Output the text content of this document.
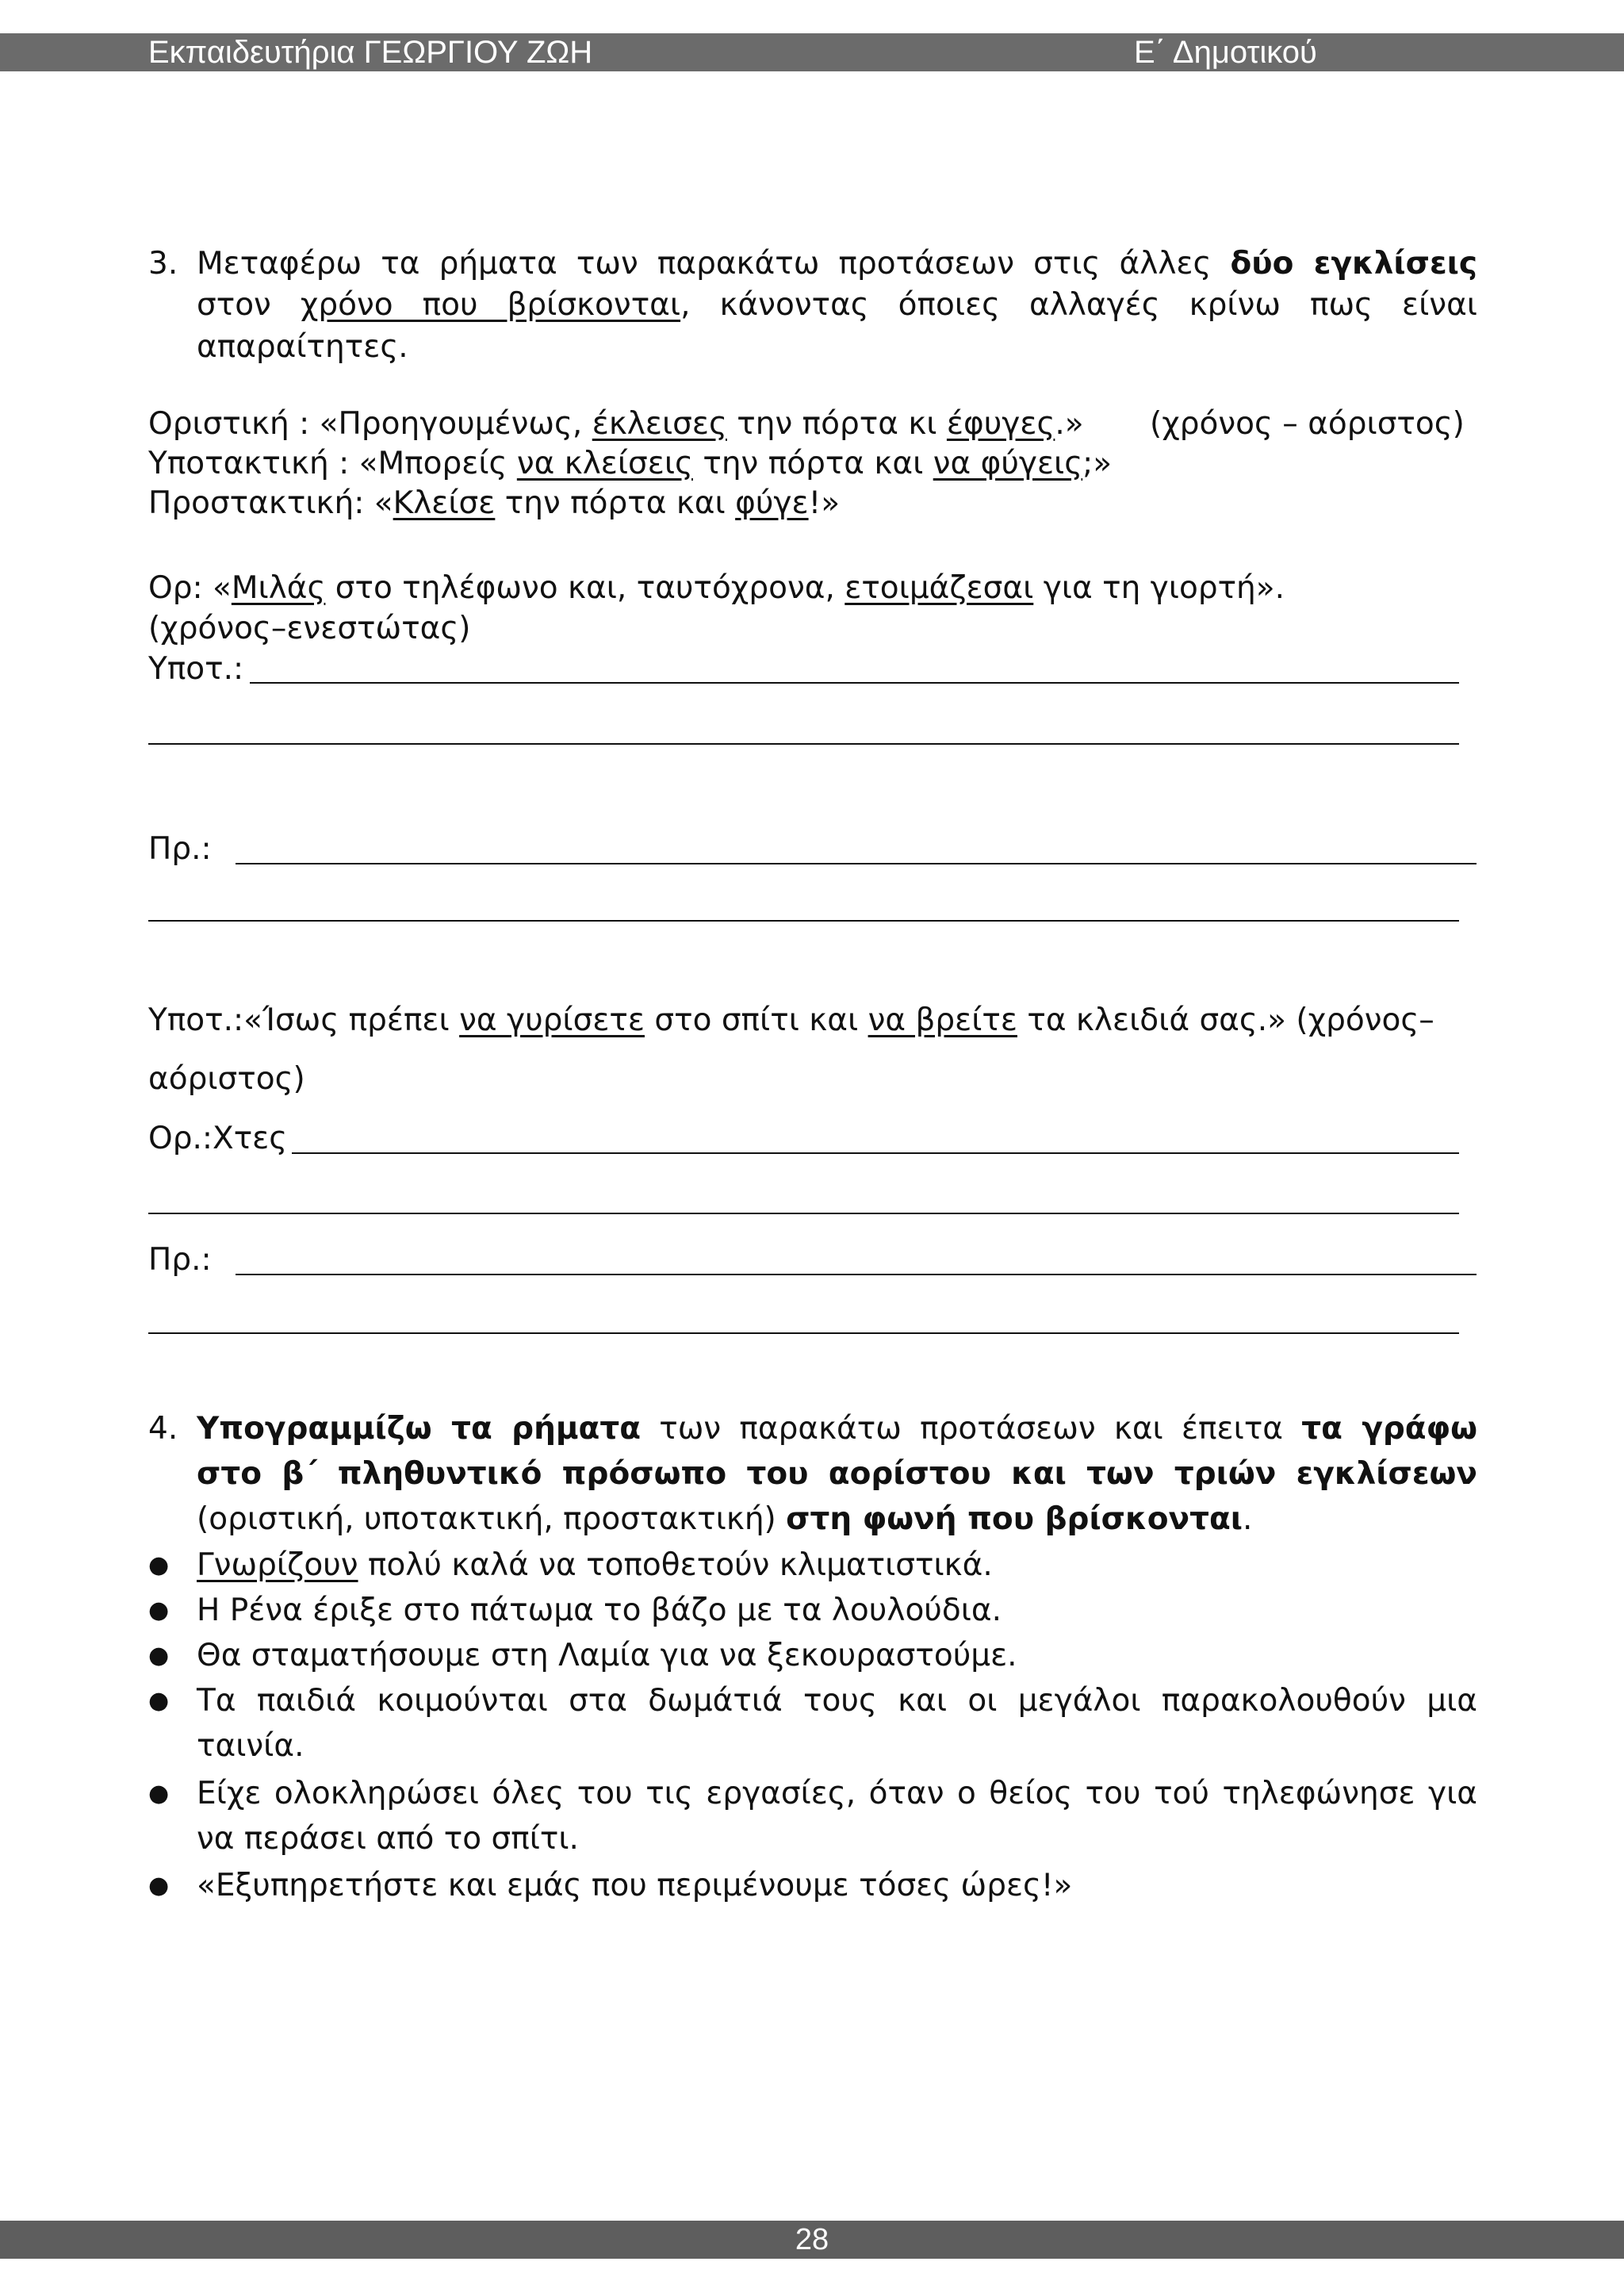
Εκπαιδευτήρια ΓΕΩΡΓΙΟΥ ΖΩΗ	Ε΄ Δημοτικού
3. Μεταφέρω τα ρήματα των παρακάτω προτάσεων στις άλλες δύο εγκλίσεις
στον χρόνο που βρίσκονται, κάνοντας όποιες αλλαγές κρίνω πως είναι
απαραίτητες.
Οριστική : «Προηγουμένως, έκλεισες την πόρτα κι έφυγες.» (χρόνος – αόριστος)
Υποτακτική : «Μπορείς να κλείσεις την πόρτα και να φύγεις;»
Προστακτική: «Κλείσε την πόρτα και φύγε!»
Ορ: «Μιλάς στο τηλέφωνο και, ταυτόχρονα, ετοιμάζεσαι για τη γιορτή».
(χρόνος–ενεστώτας)
Υποτ.:
Πρ.:
Υποτ.:«Ίσως πρέπει να γυρίσετε στο σπίτι και να βρείτε τα κλειδιά σας.» (χρόνος–
αόριστος)
Ορ.:Χτες
Πρ.:
4. Υπογραμμίζω τα ρήματα των παρακάτω προτάσεων και έπειτα τα γράφω
στο β΄ πληθυντικό πρόσωπο του αορίστου και των τριών εγκλίσεων
(οριστική, υποτακτική, προστακτική) στη φωνή που βρίσκονται.
● Γνωρίζουν πολύ καλά να τοποθετούν κλιματιστικά.
● Η Ρένα έριξε στο πάτωμα το βάζο με τα λουλούδια.
● Θα σταματήσουμε στη Λαμία για να ξεκουραστούμε.
● Τα παιδιά κοιμούνται στα δωμάτιά τους και οι μεγάλοι παρακολουθούν μια
ταινία.
● Είχε ολοκληρώσει όλες του τις εργασίες, όταν ο θείος του τού τηλεφώνησε για
να περάσει από το σπίτι.
● «Εξυπηρετήστε και εμάς που περιμένουμε τόσες ώρες!»
28
